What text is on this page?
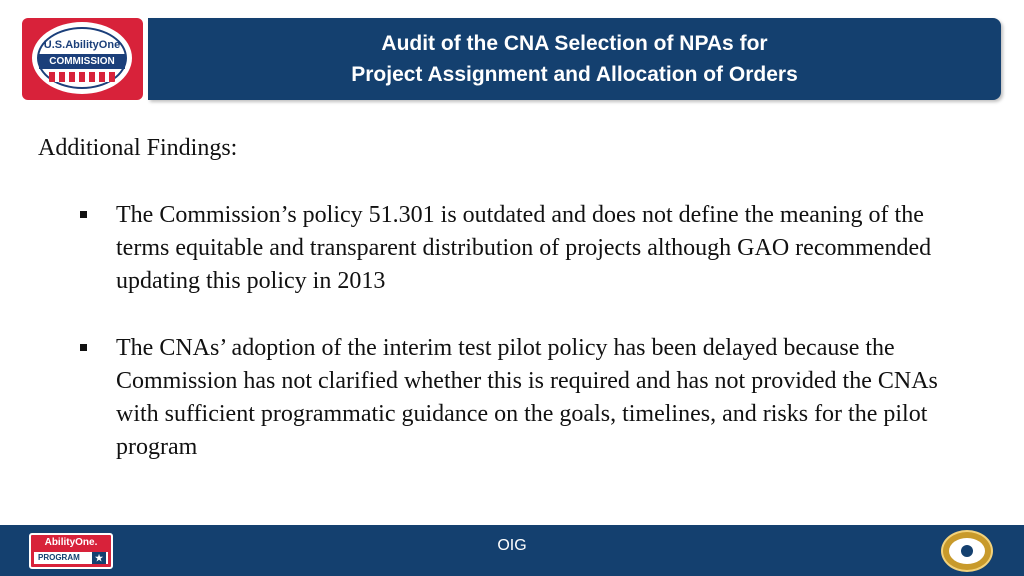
U.S.AbilityOne
COMMISSION
Audit of the CNA Selection of NPAs for
Project Assignment and Allocation of Orders
Additional Findings:
The Commission’s policy 51.301 is outdated and does not define the meaning of the terms equitable and transparent distribution of projects although GAO recommended updating this policy in 2013
The CNAs’ adoption of the interim test pilot policy has been delayed because the Commission has not clarified whether this is required and has not provided the CNAs with sufficient programmatic guidance on the goals, timelines, and risks for the pilot program
AbilityOne.
PROGRAM	★
OIG
